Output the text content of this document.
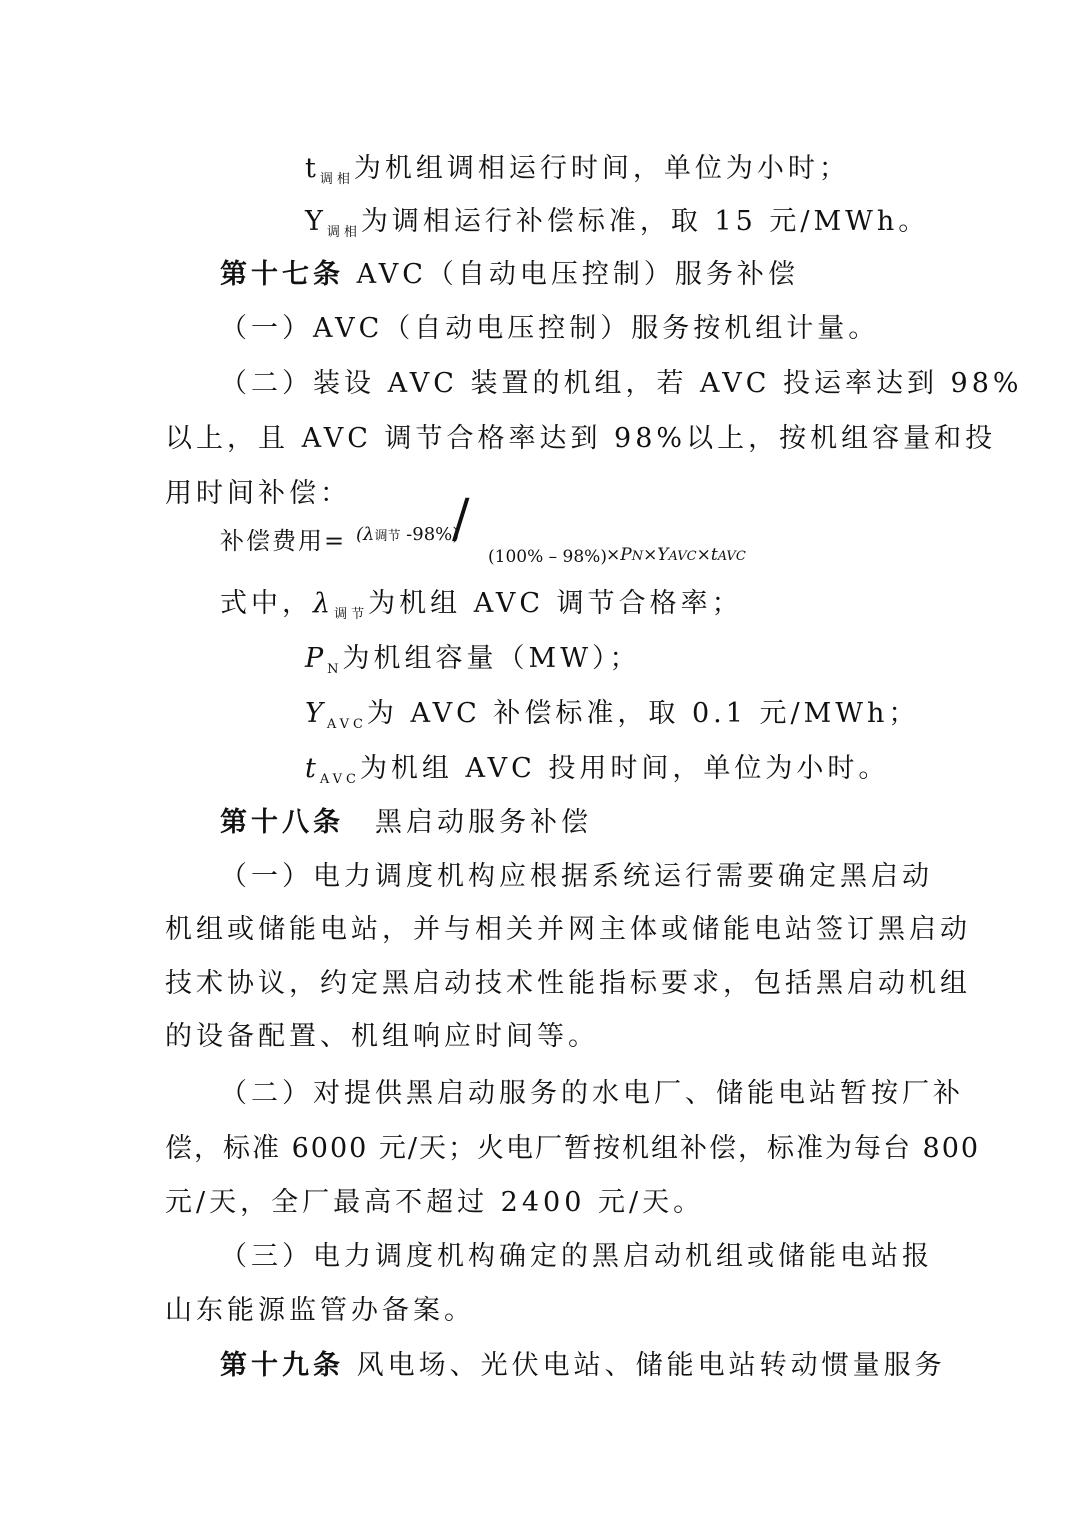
$t_{调相}$为机组调相运行时间，单位为小时；
$Y_{调相}$为调相运行补偿标准，取 15 元/MWh。
第十七条 AVC（自动电压控制）服务补偿
（一）AVC（自动电压控制）服务按机组计量。
（二）装设 AVC 装置的机组，若 AVC 投运率达到 98%
以上，且 AVC 调节合格率达到 98%以上，按机组容量和投
用时间补偿：
补偿费用= (λ调节 -98%)
/
(100% – 98%) ×PN×YAVC×tAVC
式中，$\lambda_{调节}$为机组 AVC 调节合格率；
$P_N$为机组容量（MW）；
$Y_{AVC}$为 AVC 补偿标准，取 0.1 元/MWh；
$t_{AVC}$为机组 AVC 投用时间，单位为小时。
第十八条　黑启动服务补偿
（一）电力调度机构应根据系统运行需要确定黑启动
机组或储能电站，并与相关并网主体或储能电站签订黑启动
技术协议，约定黑启动技术性能指标要求，包括黑启动机组
的设备配置、机组响应时间等。
（二）对提供黑启动服务的水电厂、储能电站暂按厂补
偿，标准 6000 元/天；火电厂暂按机组补偿，标准为每台 800
元/天，全厂最高不超过 2400 元/天。
（三）电力调度机构确定的黑启动机组或储能电站报
山东能源监管办备案。
第十九条 风电场、光伏电站、储能电站转动惯量服务
